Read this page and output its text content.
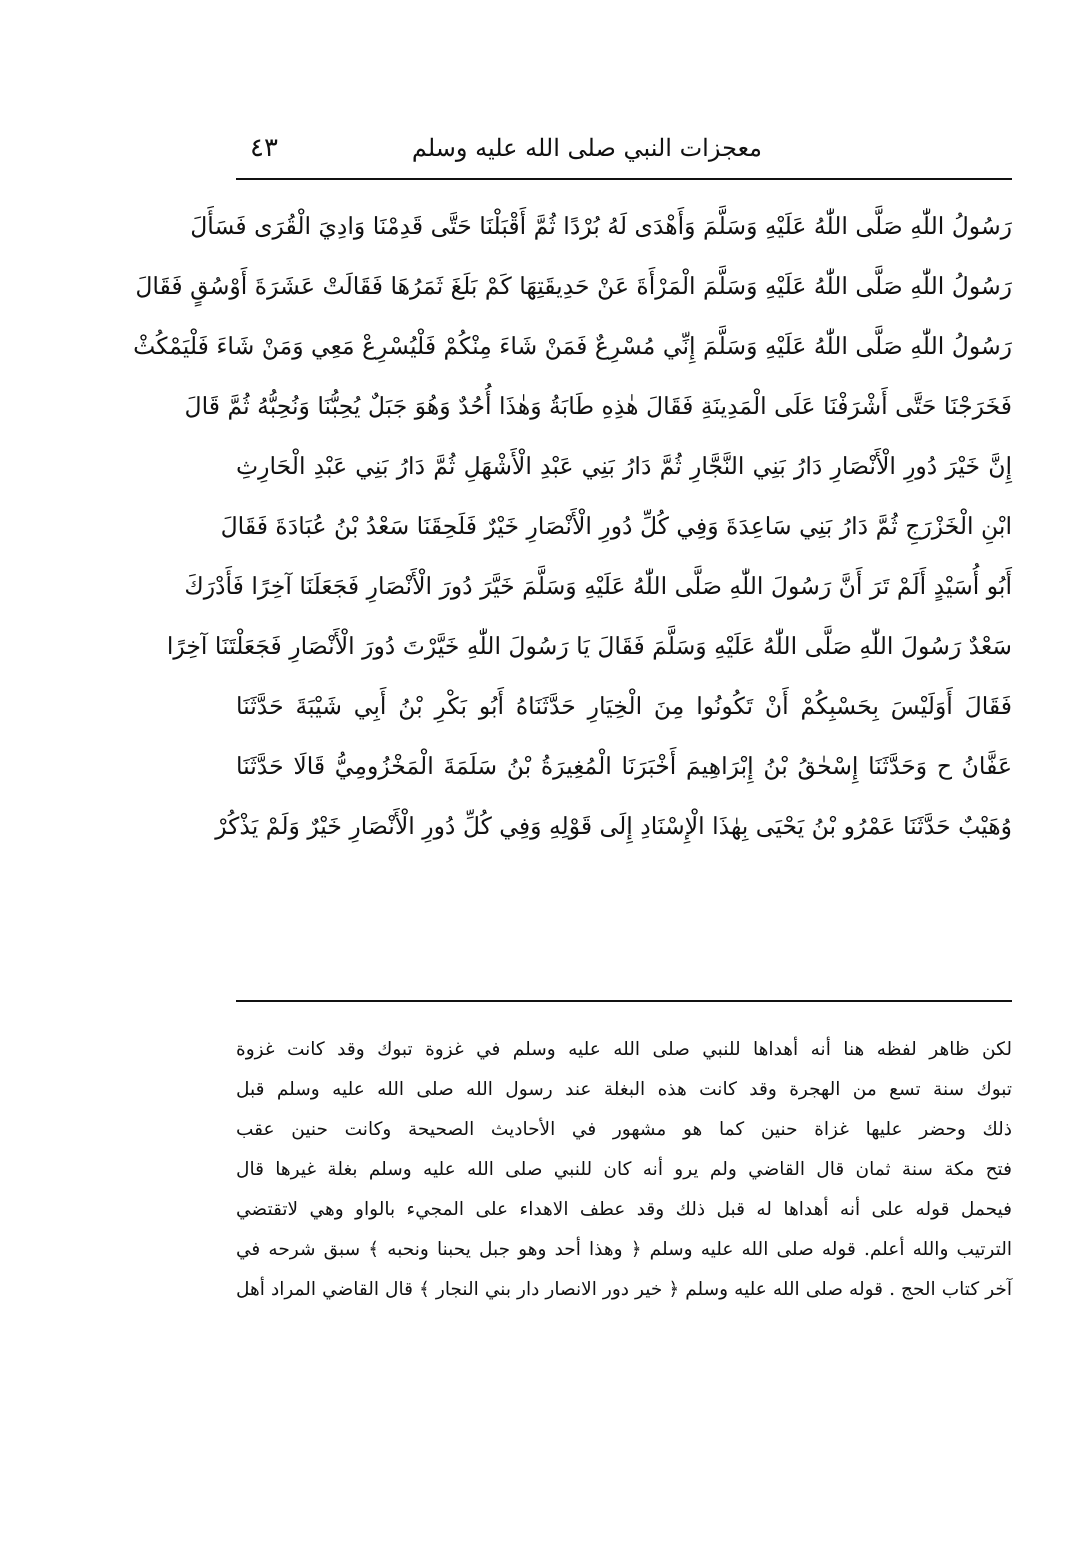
معجزات النبي صلى الله عليه وسلم
٤٣
رَسُولُ اللّٰهِ صَلَّى اللّٰهُ عَلَيْهِ وَسَلَّمَ وَأَهْدَى لَهُ بُرْدًا ثُمَّ أَقْبَلْنَا حَتَّى قَدِمْنَا وَادِيَ الْقُرَى فَسَأَلَ
رَسُولُ اللّٰهِ صَلَّى اللّٰهُ عَلَيْهِ وَسَلَّمَ الْمَرْأَةَ عَنْ حَدِيقَتِهَا كَمْ بَلَغَ ثَمَرُهَا فَقَالَتْ عَشَرَةَ أَوْسُقٍ فَقَالَ
رَسُولُ اللّٰهِ صَلَّى اللّٰهُ عَلَيْهِ وَسَلَّمَ إِنِّي مُسْرِعٌ فَمَنْ شَاءَ مِنْكُمْ فَلْيُسْرِعْ مَعِي وَمَنْ شَاءَ فَلْيَمْكُثْ
فَخَرَجْنَا حَتَّى أَشْرَفْنَا عَلَى الْمَدِينَةِ فَقَالَ هٰذِهِ طَابَةُ وَهٰذَا أُحُدٌ وَهُوَ جَبَلٌ يُحِبُّنَا وَنُحِبُّهُ ثُمَّ قَالَ
إِنَّ خَيْرَ دُورِ الْأَنْصَارِ دَارُ بَنِي النَّجَّارِ ثُمَّ دَارُ بَنِي عَبْدِ الْأَشْهَلِ ثُمَّ دَارُ بَنِي عَبْدِ الْحَارِثِ
ابْنِ الْخَزْرَجِ ثُمَّ دَارُ بَنِي سَاعِدَةَ وَفِي كُلِّ دُورِ الْأَنْصَارِ خَيْرٌ فَلَحِقَنَا سَعْدُ بْنُ عُبَادَةَ فَقَالَ
أَبُو أُسَيْدٍ أَلَمْ تَرَ أَنَّ رَسُولَ اللّٰهِ صَلَّى اللّٰهُ عَلَيْهِ وَسَلَّمَ خَيَّرَ دُورَ الْأَنْصَارِ فَجَعَلَنَا آخِرًا فَأَدْرَكَ
سَعْدٌ رَسُولَ اللّٰهِ صَلَّى اللّٰهُ عَلَيْهِ وَسَلَّمَ فَقَالَ يَا رَسُولَ اللّٰهِ خَيَّرْتَ دُورَ الْأَنْصَارِ فَجَعَلْتَنَا آخِرًا
فَقَالَ أَوَلَيْسَ بِحَسْبِكُمْ أَنْ تَكُونُوا مِنَ الْخِيَارِ حَدَّثَنَاهُ أَبُو بَكْرِ بْنُ أَبِي شَيْبَةَ حَدَّثَنَا
عَفَّانُ ح وَحَدَّثَنَا إِسْحٰقُ بْنُ إِبْرَاهِيمَ أَخْبَرَنَا الْمُغِيرَةُ بْنُ سَلَمَةَ الْمَخْزُومِيُّ قَالَا حَدَّثَنَا
وُهَيْبٌ حَدَّثَنَا عَمْرُو بْنُ يَحْيَى بِهٰذَا الْإِسْنَادِ إِلَى قَوْلِهِ وَفِي كُلِّ دُورِ الْأَنْصَارِ خَيْرٌ وَلَمْ يَذْكُرْ
لكن ظاهر لفظه هنا أنه أهداها للنبي صلى الله عليه وسلم في غزوة تبوك وقد كانت غزوة
تبوك سنة تسع من الهجرة وقد كانت هذه البغلة عند رسول الله صلى الله عليه وسلم قبل
ذلك وحضر عليها غزاة حنين كما هو مشهور في الأحاديث الصحيحة وكانت حنين عقب
فتح مكة سنة ثمان قال القاضي ولم يرو أنه كان للنبي صلى الله عليه وسلم بغلة غيرها قال
فيحمل قوله على أنه أهداها له قبل ذلك وقد عطف الاهداء على المجيء بالواو وهي لاتقتضي
الترتيب والله أعلم. قوله صلى الله عليه وسلم ﴿ وهذا أحد وهو جبل يحبنا ونحبه ﴾ سبق شرحه في
آخر كتاب الحج . قوله صلى الله عليه وسلم ﴿ خير دور الانصار دار بني النجار ﴾ قال القاضي المراد أهل
